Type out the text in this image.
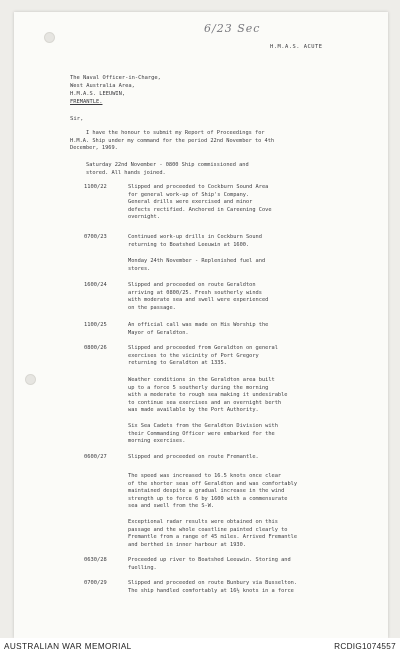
6/23 Sec
H.M.A.S. ACUTE
The Naval Officer-in-Charge,
West Australia Area,
H.M.A.S. LEEUWIN,
FREMANTLE.
Sir,
I have the honour to submit my Report of Proceedings for
H.M.A. Ship under my command for the period 22nd November to 4th
December, 1969.
Saturday 22nd November - 0800 Ship commissioned and
stored. All hands joined.
1100/22	Slipped and proceeded to Cockburn Sound Area
for general work-up of Ship's Company.
General drills were exercised and minor
defects rectified. Anchored in Careening Cove
overnight.
0700/23	Continued work-up drills in Cockburn Sound
returning to Boatshed Leeuwin at 1600.
Monday 24th November - Replenished fuel and
stores.
1600/24	Slipped and proceeded on route Geraldton
arriving at 0800/25. Fresh southerly winds
with moderate sea and swell were experienced
on the passage.
1100/25	An official call was made on His Worship the
Mayor of Geraldton.
0800/26	Slipped and proceeded from Geraldton on general
exercises to the vicinity of Port Gregory
returning to Geraldton at 1335.
Weather conditions in the Geraldton area built
up to a force 5 southerly during the morning
with a moderate to rough sea making it undesirable
to continue sea exercises and an overnight berth
was made available by the Port Authority.
Six Sea Cadets from the Geraldton Division with
their Commanding Officer were embarked for the
morning exercises.
0600/27	Slipped and proceeded on route Fremantle.
The speed was increased to 16.5 knots once clear
of the shorter seas off Geraldton and was comfortably
maintained despite a gradual increase in the wind
strength up to force 6 by 1600 with a commensurate
sea and swell from the S-W.
Exceptional radar results were obtained on this
passage and the whole coastline painted clearly to
Fremantle from a range of 45 miles. Arrived Fremantle
and berthed in inner harbour at 1930.
0630/28	Proceeded up river to Boatshed Leeuwin. Storing and
fuelling.
0700/29	Slipped and proceeded on route Bunbury via Busselton.
The ship handled comfortably at 16½ knots in a force
AUSTRALIAN WAR MEMORIAL	RCDIG1074557
